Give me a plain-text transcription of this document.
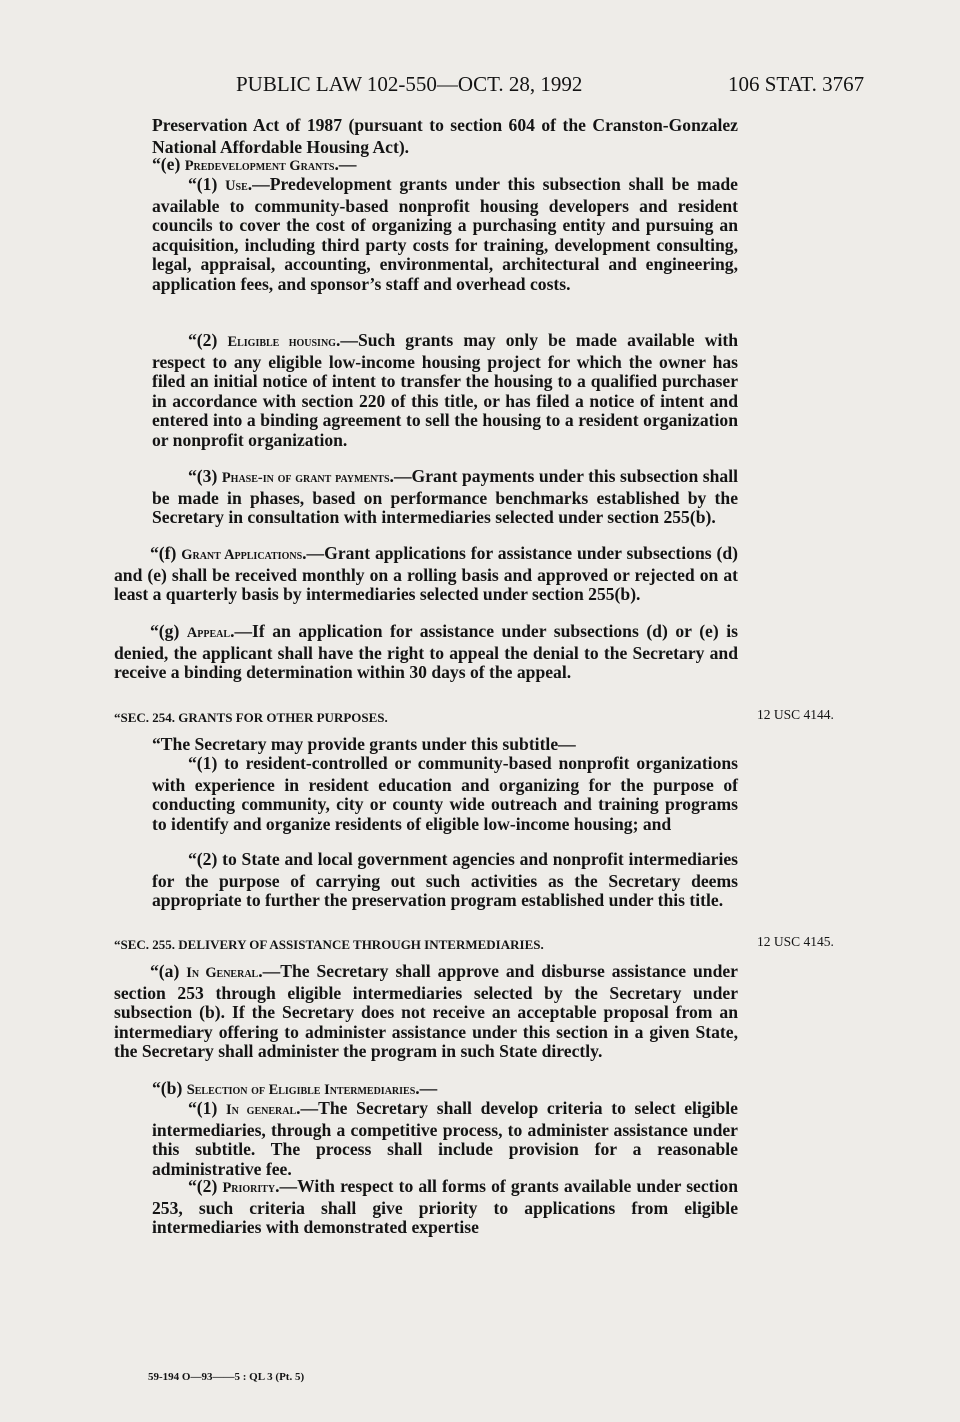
PUBLIC LAW 102-550—OCT. 28, 1992	106 STAT. 3767

Preservation Act of 1987 (pursuant to section 604 of the Cranston-Gonzalez National Affordable Housing Act).

“(e) Predevelopment Grants.—

“(1) Use.—Predevelopment grants under this subsection shall be made available to community-based nonprofit housing developers and resident councils to cover the cost of organizing a purchasing entity and pursuing an acquisition, including third party costs for training, development consulting, legal, appraisal, accounting, environmental, architectural and engineering, application fees, and sponsor’s staff and overhead costs.

“(2) Eligible housing.—Such grants may only be made available with respect to any eligible low-income housing project for which the owner has filed an initial notice of intent to transfer the housing to a qualified purchaser in accordance with section 220 of this title, or has filed a notice of intent and entered into a binding agreement to sell the housing to a resident organization or nonprofit organization.

“(3) Phase-in of grant payments.—Grant payments under this subsection shall be made in phases, based on performance benchmarks established by the Secretary in consultation with intermediaries selected under section 255(b).

“(f) Grant Applications.—Grant applications for assistance under subsections (d) and (e) shall be received monthly on a rolling basis and approved or rejected on at least a quarterly basis by intermediaries selected under section 255(b).

“(g) Appeal.—If an application for assistance under subsections (d) or (e) is denied, the applicant shall have the right to appeal the denial to the Secretary and receive a binding determination within 30 days of the appeal.

“SEC. 254. GRANTS FOR OTHER PURPOSES.	12 USC 4144.

“The Secretary may provide grants under this subtitle—

“(1) to resident-controlled or community-based nonprofit organizations with experience in resident education and organizing for the purpose of conducting community, city or county wide outreach and training programs to identify and organize residents of eligible low-income housing; and

“(2) to State and local government agencies and nonprofit intermediaries for the purpose of carrying out such activities as the Secretary deems appropriate to further the preservation program established under this title.

“SEC. 255. DELIVERY OF ASSISTANCE THROUGH INTERMEDIARIES.	12 USC 4145.

“(a) In General.—The Secretary shall approve and disburse assistance under section 253 through eligible intermediaries selected by the Secretary under subsection (b). If the Secretary does not receive an acceptable proposal from an intermediary offering to administer assistance under this section in a given State, the Secretary shall administer the program in such State directly.

“(b) Selection of Eligible Intermediaries.—

“(1) In general.—The Secretary shall develop criteria to select eligible intermediaries, through a competitive process, to administer assistance under this subtitle. The process shall include provision for a reasonable administrative fee.

“(2) Priority.—With respect to all forms of grants available under section 253, such criteria shall give priority to applications from eligible intermediaries with demonstrated expertise

59-194 O—93——5 : QL 3 (Pt. 5)
